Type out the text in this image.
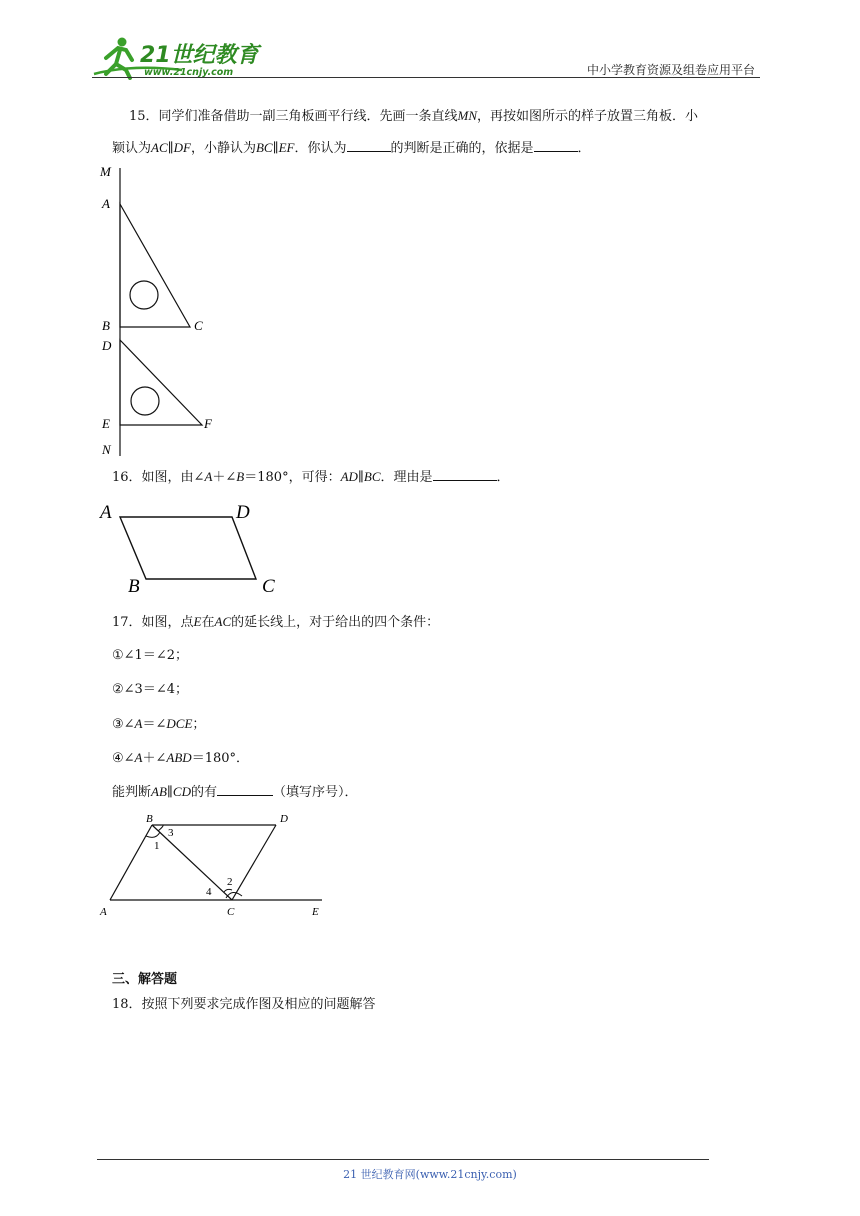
21世纪教育
www.21cnjy.com	中小学教育资源及组卷应用平台
15．同学们准备借助一副三角板画平行线．先画一条直线MN，再按如图所示的样子放置三角板．小
颖认为AC∥DF，小静认为BC∥EF．你认为	的判断是正确的，依据是	．
M
A
B	C
D
E	F
N
16．如图，由∠A＋∠B＝180°，可得：AD∥BC．理由是	．
A	D
B	C
17．如图，点E在AC的延长线上，对于给出的四个条件：
①∠1＝∠2；
②∠3＝∠4；
③∠A＝∠DCE；
④∠A＋∠ABD＝180°．
能判断AB∥CD的有	（填写序号）．
A
B
C
D
E
1
3
4
2
三、解答题
18．按照下列要求完成作图及相应的问题解答
21 世纪教育网(www.21cnjy.com)
